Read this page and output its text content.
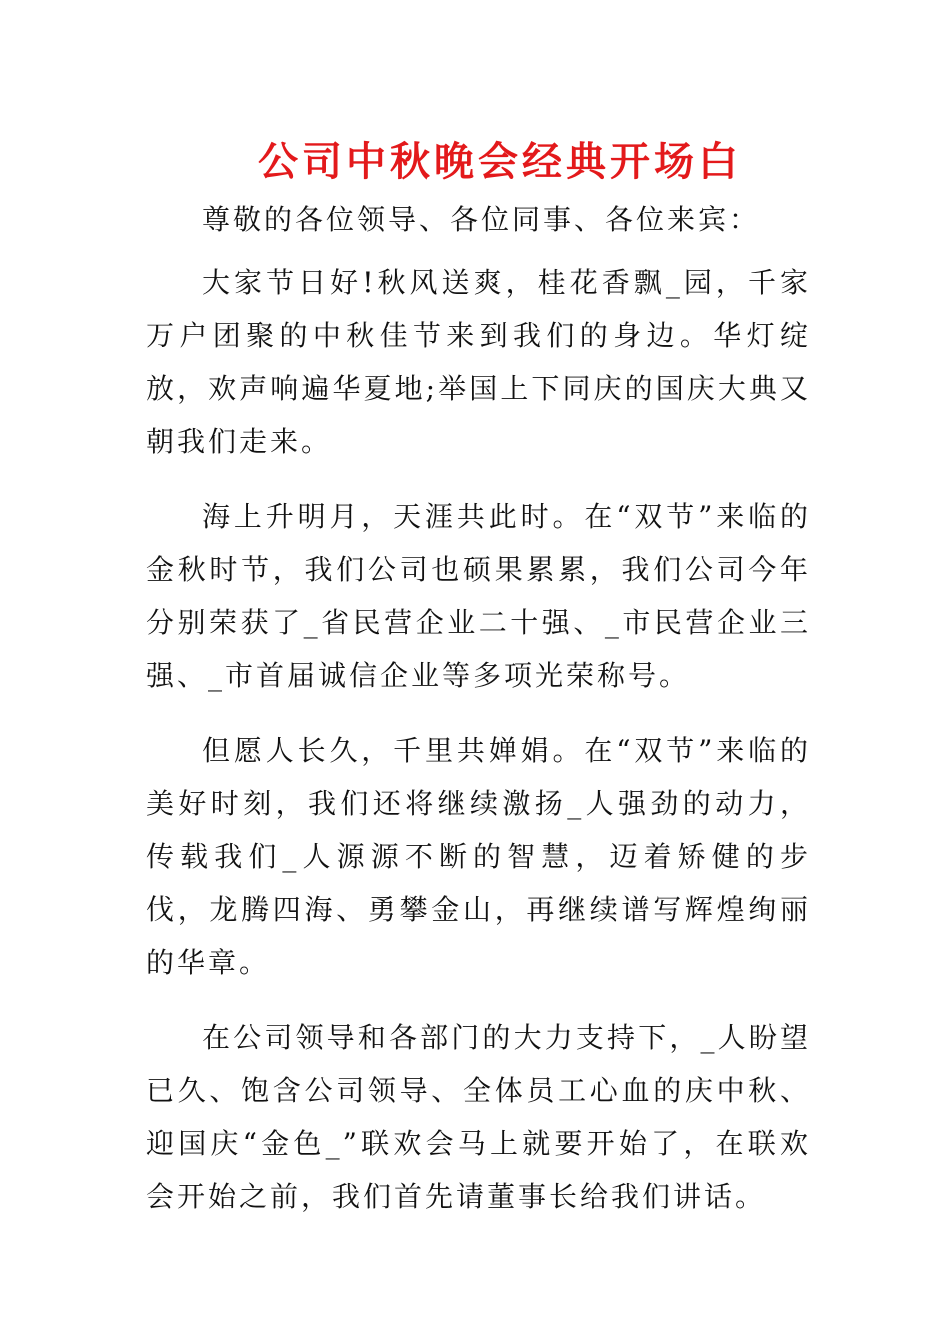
公司中秋晚会经典开场白

尊敬的各位领导、各位同事、各位来宾：

大家节日好!秋风送爽，桂花香飘_园，千家万户团聚的中秋佳节来到我们的身边。华灯绽放，欢声响遍华夏地;举国上下同庆的国庆大典又朝我们走来。

海上升明月，天涯共此时。在“双节”来临的金秋时节，我们公司也硕果累累，我们公司今年分别荣获了_省民营企业二十强、_市民营企业三强、_市首届诚信企业等多项光荣称号。

但愿人长久，千里共婵娟。在“双节”来临的美好时刻，我们还将继续激扬_人强劲的动力，传载我们_人源源不断的智慧，迈着矫健的步伐，龙腾四海、勇攀金山，再继续谱写辉煌绚丽的华章。

在公司领导和各部门的大力支持下，_人盼望已久、饱含公司领导、全体员工心血的庆中秋、迎国庆“金色_”联欢会马上就要开始了，在联欢会开始之前，我们首先请董事长给我们讲话。
